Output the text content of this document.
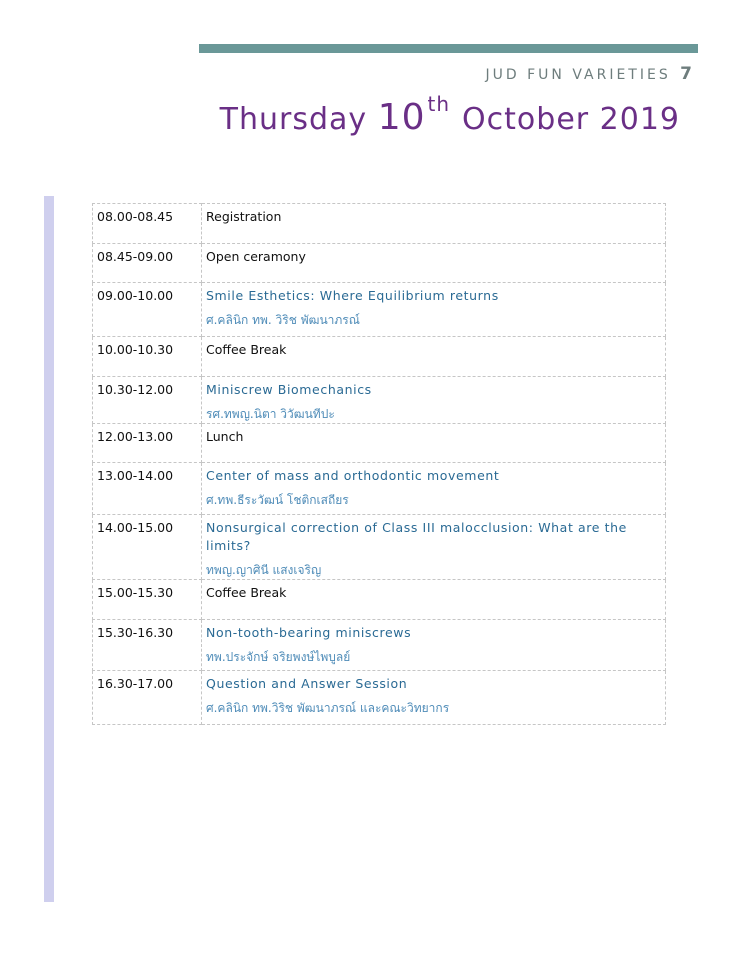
JUD FUN VARIETIES 7
Thursday 10 $^{th}$ October 2019
08.00-08.45	Registration
08.45-09.00	Open ceramony
09.00-10.00	Smile Esthetics: Where Equilibrium returns
ศ.คลินิก ทพ. วิริช พัฒนาภรณ์

10.00-10.30	Coffee Break
10.30-12.00	Miniscrew Biomechanics
รศ.ทพญ.นิตา วิวัฒนทีปะ

12.00-13.00	Lunch
13.00-14.00	Center of mass and orthodontic movement
ศ.ทพ.ธีระวัฒน์ โชติกเสถียร

14.00-15.00	Nonsurgical correction of Class III malocclusion: What are the limits?
ทพญ.ญาศินี แสงเจริญ

15.00-15.30	Coffee Break
15.30-16.30	Non-tooth-bearing miniscrews
ทพ.ประจักษ์ จริยพงษ์ไพบูลย์

16.30-17.00	Question and Answer Session
ศ.คลินิก ทพ.วิริช พัฒนาภรณ์ และคณะวิทยากร
